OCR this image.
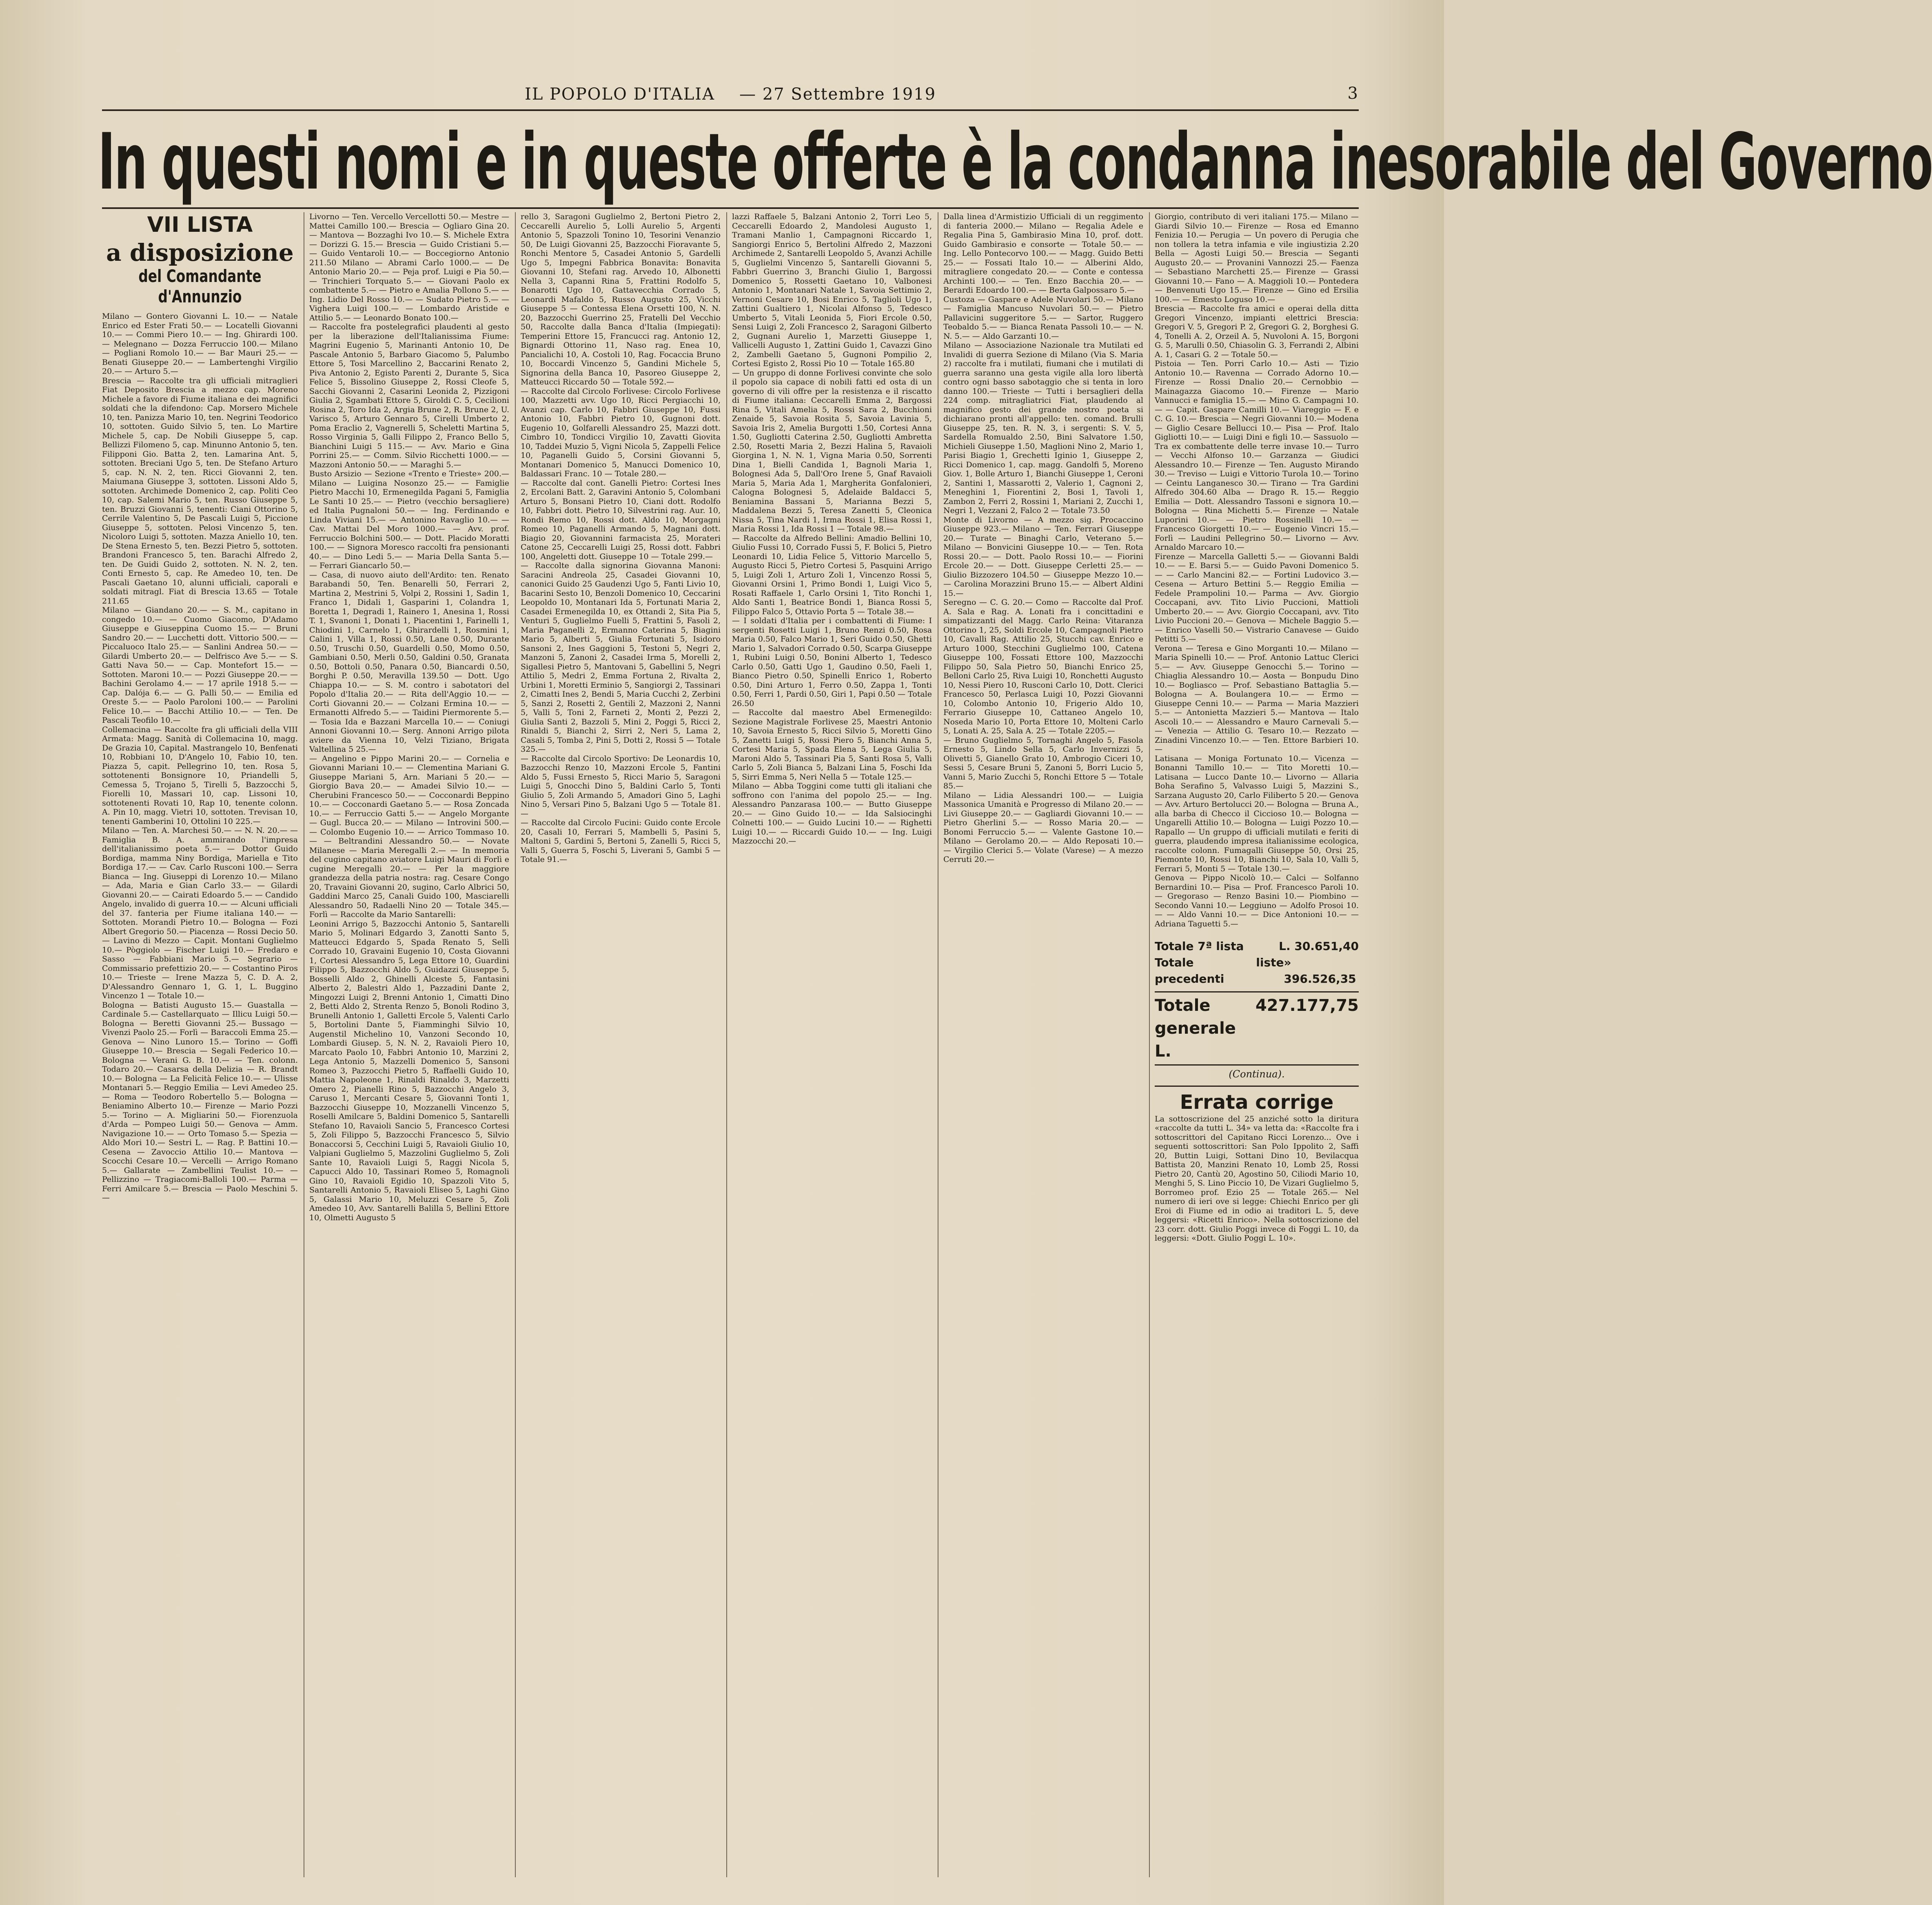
IL POPOLO D'ITALIA — 27 Settembre 1919	3
In questi nomi e in queste offerte è la condanna inesorabile del Governo
VII LISTA
a disposizione
del Comandante d'Annunzio

Milano — Gontero Giovanni L. 10.— — Natale Enrico ed Ester Frati 50.— — Locatelli Giovanni 10.— — Commi Piero 10.— — Ing. Ghirardi 100.— Melegnano — Dozza Ferruccio 100.— Milano — Pogliani Romolo 10.— — Bar Mauri 25.— — Benati Giuseppe 20.— — Lambertenghi Virgilio 20.— — Arturo 5.—

Brescia — Raccolte tra gli ufficiali mitraglieri Fiat Deposito Brescia a mezzo cap. Moreno Michele a favore di Fiume italiana e dei magnifici soldati che la difendono: Cap. Morsero Michele 10, ten. Panizza Mario 10, ten. Negrini Teodorico 10, sottoten. Guido Silvio 5, ten. Lo Martire Michele 5, cap. De Nobili Giuseppe 5, cap. Bellizzi Filomeno 5, cap. Minunno Antonio 5, ten. Filipponi Gio. Batta 2, ten. Lamarina Ant. 5, sottoten. Breciani Ugo 5, ten. De Stefano Arturo 5, cap. N. N. 2, ten. Ricci Giovanni 2, ten. Maiumana Giuseppe 3, sottoten. Lissoni Aldo 5, sottoten. Archimede Domenico 2, cap. Politi Ceo 10, cap. Salemi Mario 5, ten. Russo Giuseppe 5, ten. Bruzzi Giovanni 5, tenenti: Ciani Ottorino 5, Cerrile Valentino 5, De Pascali Luigi 5, Piccione Giuseppe 5, sottoten. Pelosi Vincenzo 5, ten. Nicoloro Luigi 5, sottoten. Mazza Aniello 10, ten. De Stena Ernesto 5, ten. Bezzi Pietro 5, sottoten. Brandoni Francesco 5, ten. Barachi Alfredo 2, ten. De Guidi Guido 2, sottoten. N. N. 2, ten. Conti Ernesto 5, cap. Re Amedeo 10, ten. De Pascali Gaetano 10, alunni ufficiali, caporali e soldati mitragl. Fiat di Brescia 13.65 — Totale 211.65

Milano — Giandano 20.— — S. M., capitano in congedo 10.— — Cuomo Giacomo, D'Adamo Giuseppe e Giuseppina Cuomo 15.— — Bruni Sandro 20.— — Lucchetti dott. Vittorio 500.— — Piccaluoco Italo 25.— — Sanlini Andrea 50.— — Gilardi Umberto 20.— — Delfrisco Ave 5.— — S. Gatti Nava 50.— — Cap. Montefort 15.— — Sottoten. Maroni 10.— — Pozzi Giuseppe 20.— — Bachini Gerolamo 4.— — 17 aprile 1918 5.— — Cap. Dalója 6.— — G. Palli 50.— — Emilia ed Oreste 5.— — Paolo Paroloni 100.— — Parolini Felice 10.— — Bacchi Attilio 10.— — Ten. De Pascali Teofilo 10.—

Collemacina — Raccolte fra gli ufficiali della VIII Armata: Magg. Sanità di Collemacina 10, magg. De Grazia 10, Capital. Mastrangelo 10, Benfenati 10, Robbiani 10, D'Angelo 10, Fabio 10, ten. Piazza 5, capit. Pellegrino 10, ten. Rosa 5, sottotenenti Bonsignore 10, Priandelli 5, Cemessa 5, Trojano 5, Tirelli 5, Bazzocchi 5, Fiorelli 10, Massari 10, cap. Lissoni 10, sottotenenti Rovati 10, Rap 10, tenente colonn. A. Pin 10, magg. Vietri 10, sottoten. Trevisan 10, tenenti Gamberini 10, Ottolini 10 225.—

Milano — Ten. A. Marchesi 50.— — N. N. 20.— — Famiglia B. A. ammirando l'impresa dell'italianissimo poeta 5.— — Dottor Guido Bordiga, mamma Niny Bordiga, Mariella e Tito Bordiga 17.— — Cav. Carlo Rusconi 100.— Serra Bianca — Ing. Giuseppi di Lorenzo 10.— Milano — Ada, Maria e Gian Carlo 33.— — Gilardi Giovanni 20.— — Cairati Edoardo 5.— — Candido Angelo, invalido di guerra 10.— — Alcuni ufficiali del 37. fanteria per Fiume italiana 140.— — Sottoten. Morandi Pietro 10.— Bologna — Fozi Albert Gregorio 50.— Piacenza — Rossi Decio 50.— Lavino di Mezzo — Capit. Montani Guglielmo 10.— Pòggiolo — Fischer Luigi 10.— Fredaro e Sasso — Fabbiani Mario 5.— Segrario — Commissario prefettizio 20.— — Costantino Piros 10.— Trieste — Irene Mazza 5, C. D. A. 2, D'Alessandro Gennaro 1, G. 1, L. Buggino Vincenzo 1 — Totale 10.—

Bologna — Batisti Augusto 15.— Guastalla — Cardinale 5.— Castellarquato — Illicu Luigi 50.— Bologna — Beretti Giovanni 25.— Bussago — Vivenzi Paolo 25.— Forlì — Baraccoli Emma 25.— Genova — Nino Lunoro 15.— Torino — Goffi Giuseppe 10.— Brescia — Segali Federico 10.— Bologna — Verani G. B. 10.— — Ten. colonn. Todaro 20.— Casarsa della Delizia — R. Brandt 10.— Bologna — La Felicità Felice 10.— — Ulisse Montanari 5.— Reggio Emilia — Levi Amedeo 25.— Roma — Teodoro Robertello 5.— Bologna — Beniamino Alberto 10.— Firenze — Mario Pozzi 5.— Torino — A. Migliarini 50.— Fiorenzuola d'Arda — Pompeo Luigi 50.— Genova — Amm. Navigazione 10.— — Orto Tomaso 5.— Spezia — Aldo Mori 10.— Sestri L. — Rag. P. Battini 10.— Cesena — Zavoccio Attilio 10.— Mantova — Scocchi Cesare 10.— Vercelli — Arrigo Romano 5.— Gallarate — Zambellini Teulist 10.— — Pellizzino — Tragiacomi-Balloli 100.— Parma — Ferri Amilcare 5.— Brescia — Paolo Meschini 5.—

Livorno — Ten. Vercello Vercellotti 50.— Mestre — Mattei Camillo 100.— Brescia — Ogliaro Gina 20.— Mantova — Bozzaghi Ivo 10.— S. Michele Extra — Dorizzi G. 15.— Brescia — Guido Cristiani 5.— — Guido Ventaroli 10.— — Boccegiorno Antonio 211.50 Milano — Abrami Carlo 1000.— — De Antonio Mario 20.— — Peja prof. Luigi e Pia 50.— — Trinchieri Torquato 5.— — Giovani Paolo ex combattente 5.— — Pietro e Amalia Pollono 5.— — Ing. Lidio Del Rosso 10.— — Sudato Pietro 5.— — Vighera Luigi 100.— — Lombardo Aristide e Attilio 5.— — Leonardo Bonato 100.—

— Raccolte fra postelegrafici plaudenti al gesto per la liberazione dell'Italianissima Fiume: Magrini Eugenio 5, Marinanti Antonio 10, De Pascale Antonio 5, Barbaro Giacomo 5, Palumbo Ettore 5, Tosi Marcellino 2, Baccarini Renato 2, Piva Antonio 2, Egisto Parenti 2, Durante 5, Sica Felice 5, Bissolino Giuseppe 2, Rossi Cleofe 5, Sacchi Giovanni 2, Casarini Leonida 2, Pizzigoni Giulia 2, Sgambati Ettore 5, Giroldi C. 5, Cecilioni Rosina 2, Toro Ida 2, Argia Brune 2, R. Brune 2, U. Varisco 5, Arturo Gennaro 5, Cirelli Umberto 2, Poma Eraclio 2, Vagnerelli 5, Scheletti Martina 5, Rosso Virginia 5, Galli Filippo 2, Franco Bello 5, Bianchini Luigi 5 115.— — Avv. Mario e Gina Porrini 25.— — Comm. Silvio Ricchetti 1000.— — Mazzoni Antonio 50.— — Maraghi 5.—

Busto Arsizio — Sezione «Trento e Trieste» 200.— Milano — Luigina Nosonzo 25.— — Famiglie Pietro Macchi 10, Ermenegilda Pagani 5, Famiglia Le Santi 10 25.— — Pietro (vecchio bersagliere) ed Italia Pugnaloni 50.— — Ing. Ferdinando e Linda Viviani 15.— — Antonino Ravaglio 10.— — Cav. Mattai Del Moro 1000.— — Avv. prof. Ferruccio Bolchini 500.— — Dott. Placido Moratti 100.— — Signora Moresco raccolti fra pensionanti 40.— — Dino Ledi 5.— — Maria Della Santa 5.— — Ferrari Giancarlo 50.—

— Casa, di nuovo aiuto dell'Ardito: ten. Renato Barabandi 50, Ten. Benarelli 50, Ferrari 2, Martina 2, Mestrini 5, Volpi 2, Rossini 1, Sadin 1, Franco 1, Didali 1, Gasparini 1, Colandra 1, Boretta 1, Degradi 1, Rainero 1, Anesina 1, Rossi T. 1, Svanoni 1, Donati 1, Piacentini 1, Farinelli 1, Chiodini 1, Carnelo 1, Ghirardelli 1, Rosmini 1, Calini 1, Villa 1, Rossi 0.50, Lane 0.50, Durante 0.50, Truschi 0.50, Guardelli 0.50, Momo 0.50, Gambiani 0.50, Merli 0.50, Galdini 0.50, Granata 0.50, Bottoli 0.50, Panara 0.50, Biancardi 0.50, Borghi P. 0.50, Meravilla 139.50 — Dott. Ugo Chiappa 10.— — S. M. contro i sabotatori del Popolo d'Italia 20.— — Rita dell'Aggio 10.— — Corti Giovanni 20.— — Colzani Ermina 10.— — Ermanotti Alfredo 5.— — Taidini Piermorente 5.— — Tosia Ida e Bazzani Marcella 10.— — Coniugi Annoni Giovanni 10.— Serg. Annoni Arrigo pilota aviere da Vienna 10, Velzi Tiziano, Brigata Valtellina 5 25.—

— Angelino e Pippo Marini 20.— — Cornelia e Giovanni Mariani 10.— — Clementina Mariani G. Giuseppe Mariani 5, Arn. Mariani 5 20.— — Giorgio Bava 20.— — Amadei Silvio 10.— — Cherubini Francesco 50.— — Cocconardi Beppino 10.— — Cocconardi Gaetano 5.— — Rosa Zoncada 10.— — Ferruccio Gatti 5.— — Angelo Morgante — Gugl. Bucca 20.— — Milano — Introvini 500.— — Colombo Eugenio 10.— — Arrico Tommaso 10.— — Beltrandini Alessandro 50.— — Novate Milanese — Maria Meregalli 2.— — In memoria del cugino capitano aviatore Luigi Mauri di Forlì e cugine Meregalli 20.— — Per la maggiore grandezza della patria nostra: rag. Cesare Congo 20, Travaini Giovanni 20, sugino, Carlo Albrici 50, Gaddini Marco 25, Canali Guido 100, Masciarelli Alessandro 50, Radaelli Nino 20 — Totale 345.— Forlì — Raccolte da Mario Santarelli:

Leonini Arrigo 5, Bazzocchi Antonio 5, Santarelli Mario 5, Molinari Edgardo 3, Zanotti Santo 5, Matteucci Edgardo 5, Spada Renato 5, Sellì Corrado 10, Gravaini Eugenio 10, Costa Giovanni 1, Cortesi Alessandro 5, Lega Ettore 10, Guardini Filippo 5, Bazzocchi Aldo 5, Guidazzi Giuseppe 5, Bosselli Aldo 2, Ghinelli Alceste 5, Fantasini Alberto 2, Balestri Aldo 1, Pazzadini Dante 2, Mingozzi Luigi 2, Brenni Antonio 1, Cimatti Dino 2, Betti Aldo 2, Strenta Renzo 5, Bonoli Rodino 3, Brunelli Antonio 1, Galletti Ercole 5, Valenti Carlo 5, Bortolini Dante 5, Fiamminghi Silvio 10, Augenstil Michelino 10, Vanzoni Secondo 10, Lombardi Giusep. 5, N. N. 2, Ravaioli Piero 10, Marcato Paolo 10, Fabbri Antonio 10, Marzini 2, Lega Antonio 5, Mazzelli Domenico 5, Sansoni Romeo 3, Pazzocchi Pietro 5, Raffaelli Guido 10, Mattia Napoleone 1, Rinaldi Rinaldo 3, Marzetti Omero 2, Pianelli Rino 5, Bazzocchi Angelo 3, Caruso 1, Mercanti Cesare 5, Giovanni Tonti 1, Bazzocchi Giuseppe 10, Mozzanelli Vincenzo 5, Roselli Amilcare 5, Baldini Domenico 5, Santarelli Stefano 10, Ravaioli Sancio 5, Francesco Cortesi 5, Zoli Filippo 5, Bazzocchi Francesco 5, Silvio Bonaccorsi 5, Cecchini Luigi 5, Ravaioli Giulio 10, Valpiani Guglielmo 5, Mazzolini Guglielmo 5, Zoli Sante 10, Ravaioli Luigi 5, Raggi Nicola 5, Capucci Aldo 10, Tassinari Romeo 5, Romagnoli Gino 10, Ravaioli Egidio 10, Spazzoli Vito 5, Santarelli Antonio 5, Ravaioli Eliseo 5, Laghi Gino 5, Galassi Mario 10, Meluzzi Cesare 5, Zoli Amedeo 10, Avv. Santarelli Balilla 5, Bellini Ettore 10, Olmetti Augusto 5

rello 3, Saragoni Guglielmo 2, Bertoni Pietro 2, Ceccarelli Aurelio 5, Lolli Aurelio 5, Argenti Antonio 5, Spazzoli Tonino 10, Tesorini Venanzio 50, De Luigi Giovanni 25, Bazzocchi Fioravante 5, Ronchi Mentore 5, Casadei Antonio 5, Gardelli Ugo 5, Impegni Fabbrica Bonavita: Bonavita Giovanni 10, Stefani rag. Arvedo 10, Albonetti Nella 3, Capanni Rina 5, Frattini Rodolfo 5, Bonarotti Ugo 10, Gattavecchia Corrado 5, Leonardi Mafaldo 5, Russo Augusto 25, Vicchi Giuseppe 5 — Contessa Elena Orsetti 100, N. N. 20, Bazzocchi Guerrino 25, Fratelli Del Vecchio 50, Raccolte dalla Banca d'Italia (Impiegati): Temperini Ettore 15, Francucci rag. Antonio 12, Bignardi Ottorino 11, Naso rag. Enea 10, Pancialichi 10, A. Costoli 10, Rag. Focaccia Bruno 10, Boccardi Vincenzo 5, Gandini Michele 5, Signorina della Banca 10, Pasoreo Giuseppe 2, Matteucci Riccardo 50 — Totale 592.—

— Raccolte dal Circolo Forlivese: Circolo Forlivese 100, Mazzetti avv. Ugo 10, Ricci Pergiacchi 10, Avanzi cap. Carlo 10, Fabbri Giuseppe 10, Fussi Antonio 10, Fabbri Pietro 10, Gugnoni dott. Eugenio 10, Golfarelli Alessandro 25, Mazzi dott. Cimbro 10, Tondicci Virgilio 10, Zavatti Giovita 10, Taddei Muzio 5, Vigni Nicola 5, Zappelli Felice 10, Paganelli Guido 5, Corsini Giovanni 5, Montanari Domenico 5, Manucci Domenico 10, Baldassari Franc. 10 — Totale 280.—

— Raccolte dal cont. Ganelli Pietro: Cortesi Ines 2, Ercolani Batt. 2, Garavini Antonio 5, Colombani Arturo 5, Bonsani Pietro 10, Ciani dott. Rodolfo 10, Fabbri dott. Pietro 10, Silvestrini rag. Aur. 10, Rondi Remo 10, Rossi dott. Aldo 10, Morgagni Romeo 10, Paganelli Armando 5, Magnani dott. Biagio 20, Giovannini farmacista 25, Morateri Catone 25, Ceccarelli Luigi 25, Rossi dott. Fabbri 100, Angeletti dott. Giuseppe 10 — Totale 299.—

— Raccolte dalla signorina Giovanna Manoni: Saracini Andreola 25, Casadei Giovanni 10, canonici Guido 25 Gaudenzi Ugo 5, Fanti Livio 10, Bacarini Sesto 10, Benzoli Domenico 10, Ceccarini Leopoldo 10, Montanari Ida 5, Fortunati Maria 2, Casadei Ermenegilda 10, ex Ottandi 2, Sita Pia 5, Venturi 5, Guglielmo Fuelli 5, Frattini 5, Fasoli 2, Maria Paganelli 2, Ermanno Caterina 5, Biagini Mario 5, Alberti 5, Giulia Fortunati 5, Isidoro Sansoni 2, Ines Gaggioni 5, Testoni 5, Negri 2, Manzoni 5, Zanoni 2, Casadei Irma 5, Morelli 2, Sigallesi Pietro 5, Mantovani 5, Gabellini 5, Negri Attilio 5, Medri 2, Emma Fortuna 2, Rivalta 2, Urbini 1, Moretti Erminio 5, Sangiorgi 2, Tassinari 2, Cimatti Ines 2, Bendi 5, Maria Cucchi 2, Zerbini 5, Sanzi 2, Rosetti 2, Gentili 2, Mazzoni 2, Nanni 5, Valli 5, Toni 2, Farneti 2, Monti 2, Pezzi 2, Giulia Santi 2, Bazzoli 5, Mini 2, Poggi 5, Ricci 2, Rinaldi 5, Bianchi 2, Sirri 2, Neri 5, Lama 2, Casali 5, Tomba 2, Pini 5, Dotti 2, Rossi 5 — Totale 325.—

— Raccolte dal Circolo Sportivo: De Leonardis 10, Bazzocchi Renzo 10, Mazzoni Ercole 5, Fantini Aldo 5, Fussi Ernesto 5, Ricci Mario 5, Saragoni Luigi 5, Gnocchi Dino 5, Baldini Carlo 5, Tonti Giulio 5, Zoli Armando 5, Amadori Gino 5, Laghi Nino 5, Versari Pino 5, Balzani Ugo 5 — Totale 81.—

— Raccolte dal Circolo Fucini: Guido conte Ercole 20, Casali 10, Ferrari 5, Mambelli 5, Pasini 5, Maltoni 5, Gardini 5, Bertoni 5, Zanelli 5, Ricci 5, Valli 5, Guerra 5, Foschi 5, Liverani 5, Gambi 5 — Totale 91.—

lazzi Raffaele 5, Balzani Antonio 2, Torri Leo 5, Ceccarelli Edoardo 2, Mandolesi Augusto 1, Tramani Manlio 1, Campagnoni Riccardo 1, Sangiorgi Enrico 5, Bertolini Alfredo 2, Mazzoni Archimede 2, Santarelli Leopoldo 5, Avanzi Achille 5, Guglielmi Vincenzo 5, Santarelli Giovanni 5, Fabbri Guerrino 3, Branchi Giulio 1, Bargossi Domenico 5, Rossetti Gaetano 10, Valbonesi Antonio 1, Montanari Natale 1, Savoia Settimio 2, Vernoni Cesare 10, Bosi Enrico 5, Taglioli Ugo 1, Zattini Gualtiero 1, Nicolai Alfonso 5, Tedesco Umberto 5, Vitali Leonida 5, Fiori Ercole 0.50, Sensi Luigi 2, Zoli Francesco 2, Saragoni Gilberto 2, Gugnani Aurelio 1, Marzetti Giuseppe 1, Vallicelli Augusto 1, Zattini Guido 1, Cavazzi Gino 2, Zambelli Gaetano 5, Gugnoni Pompilio 2, Cortesi Egisto 2, Rossi Pio 10 — Totale 165.80

— Un gruppo di donne Forlivesi convinte che solo il popolo sia capace di nobili fatti ed osta di un governo di vili offre per la resistenza e il riscatto di Fiume italiana: Ceccarelli Emma 2, Bargossi Rina 5, Vitali Amelia 5, Rossi Sara 2, Bucchioni Zenaide 5, Savoia Rosita 5, Savoia Lavinia 5, Savoia Iris 2, Amelia Burgotti 1.50, Cortesi Anna 1.50, Gugliotti Caterina 2.50, Gugliotti Ambretta 2.50, Rosetti Maria 2, Bezzi Halina 5, Ravaioli Giorgina 1, N. N. 1, Vigna Maria 0.50, Sorrenti Dina 1, Bielli Candida 1, Bagnoli Maria 1, Bolognesi Ada 5, Dall'Oro Irene 5, Gnaf Ravaioli Maria 5, Maria Ada 1, Margherita Gonfalonieri, Calogna Bolognesi 5, Adelaide Baldacci 5, Beniamina Bassani 5, Marianna Bezzi 5, Maddalena Bezzi 5, Teresa Zanetti 5, Cleonica Nissa 5, Tina Nardi 1, Irma Rossi 1, Elisa Rossi 1, Maria Rossi 1, Ida Rossi 1 — Totale 98.—

— Raccolte da Alfredo Bellini: Amadio Bellini 10, Giulio Fussi 10, Corrado Fussi 5, F. Bolici 5, Pietro Leonardi 10, Lidia Felice 5, Vittorio Marcello 5, Augusto Ricci 5, Pietro Cortesi 5, Pasquini Arrigo 5, Luigi Zoli 1, Arturo Zoli 1, Vincenzo Rossi 5, Giovanni Orsini 1, Primo Bondi 1, Luigi Vico 5, Rosati Raffaele 1, Carlo Orsini 1, Tito Ronchi 1, Aldo Santi 1, Beatrice Bondi 1, Bianca Rossi 5, Filippo Falco 5, Ottavio Porta 5 — Totale 38.—

— I soldati d'Italia per i combattenti di Fiume: I sergenti Rosetti Luigi 1, Bruno Renzi 0.50, Rosa Maria 0.50, Falco Mario 1, Seri Guido 0.50, Ghetti Mario 1, Salvadori Corrado 0.50, Scarpa Giuseppe 1, Rubini Luigi 0.50, Bonini Alberto 1, Tedesco Carlo 0.50, Gatti Ugo 1, Gaudino 0.50, Faeli 1, Bianco Pietro 0.50, Spinelli Enrico 1, Roberto 0.50, Dini Arturo 1, Ferro 0.50, Zappa 1, Tonti 0.50, Ferri 1, Pardi 0.50, Giri 1, Papi 0.50 — Totale 26.50

— Raccolte dal maestro Abel Ermenegildo: Sezione Magistrale Forlivese 25, Maestri Antonio 10, Savoia Ernesto 5, Ricci Silvio 5, Moretti Gino 5, Zanetti Luigi 5, Rossi Piero 5, Bianchi Anna 5, Cortesi Maria 5, Spada Elena 5, Lega Giulia 5, Maroni Aldo 5, Tassinari Pia 5, Santi Rosa 5, Valli Carlo 5, Zoli Bianca 5, Balzani Lina 5, Foschi Ida 5, Sirri Emma 5, Neri Nella 5 — Totale 125.—

Milano — Abba Toggini come tutti gli italiani che soffrono con l'anima del popolo 25.— — Ing. Alessandro Panzarasa 100.— — Butto Giuseppe 20.— — Gino Guido 10.— — Ida Salsiocinghi Colnetti 100.— — Guido Lucini 10.— — Righetti Luigi 10.— — Riccardi Guido 10.— — Ing. Luigi Mazzocchi 20.—

Dalla linea d'Armistizio Ufficiali di un reggimento di fanteria 2000.— Milano — Regalia Adele e Regalia Pina 5, Gambirasio Mina 10, prof. dott. Guido Gambirasio e consorte — Totale 50.— — Ing. Lello Pontecorvo 100.— — Magg. Guido Betti 25.— — Fossati Italo 10.— — Alberini Aldo, mitragliere congedato 20.— — Conte e contessa Archinti 100.— — Ten. Enzo Bacchia 20.— — Berardi Edoardo 100.— — Berta Galpossaro 5.—

Custoza — Gaspare e Adele Nuvolari 50.— Milano — Famiglia Mancuso Nuvolari 50.— — Pietro Pallavicini suggeritore 5.— — Sartor, Ruggero Teobaldo 5.— — Bianca Renata Passoli 10.— — N. N. 5.— — Aldo Garzanti 10.—

Milano — Associazione Nazionale tra Mutilati ed Invalidi di guerra Sezione di Milano (Via S. Maria 2) raccolte fra i mutilati, fiumani che i mutilati di guerra saranno una gesta vigile alla loro libertà contro ogni basso sabotaggio che si tenta in loro danno 100.— Trieste — Tutti i bersaglieri della 224 comp. mitragliatrici Fiat, plaudendo al magnifico gesto dei grande nostro poeta si dichiarano pronti all'appello: ten. comand. Brulli Giuseppe 25, ten. R. N. 3, i sergenti: S. V. 5, Sardella Romualdo 2.50, Bini Salvatore 1.50, Michieli Giuseppe 1.50, Maglioni Nino 2, Mario 1, Parisi Biagio 1, Grechetti Iginio 1, Giuseppe 2, Ricci Domenico 1, cap. magg. Gandolfi 5, Moreno Giov. 1, Bolle Arturo 1, Bianchi Giuseppe 1, Ceroni 2, Santini 1, Massarotti 2, Valerio 1, Cagnoni 2, Meneghini 1, Fiorentini 2, Bosi 1, Tavoli 1, Zambon 2, Ferri 2, Rossini 1, Mariani 2, Zucchi 1, Negri 1, Vezzani 2, Falco 2 — Totale 73.50

Monte di Livorno — A mezzo sig. Procaccino Giuseppe 923.— Milano — Ten. Ferrari Giuseppe 20.— Turate — Binaghi Carlo, Veterano 5.— Milano — Bonvicini Giuseppe 10.— — Ten. Rota Rossi 20.— — Dott. Paolo Rossi 10.— — Fiorini Ercole 20.— — Dott. Giuseppe Cerletti 25.— — Giulio Bizzozero 104.50 — Giuseppe Mezzo 10.— — Carolina Morazzini Bruno 15.— — Albert Aldini 15.—

Seregno — C. G. 20.— Como — Raccolte dal Prof. A. Sala e Rag. A. Lonati fra i concittadini e simpatizzanti del Magg. Carlo Reina: Vitaranza Ottorino 1, 25, Soldi Ercole 10, Campagnoli Pietro 10, Cavalli Rag. Attilio 25, Stucchi cav. Enrico e Arturo 1000, Stecchini Guglielmo 100, Catena Giuseppe 100, Fossati Ettore 100, Mazzocchi Filippo 50, Sala Pietro 50, Bianchi Enrico 25, Belloni Carlo 25, Riva Luigi 10, Ronchetti Augusto 10, Nessi Piero 10, Rusconi Carlo 10, Dott. Clerici Francesco 50, Perlasca Luigi 10, Pozzi Giovanni 10, Colombo Antonio 10, Frigerio Aldo 10, Ferrario Giuseppe 10, Cattaneo Angelo 10, Noseda Mario 10, Porta Ettore 10, Molteni Carlo 5, Lonati A. 25, Sala A. 25 — Totale 2205.—

— Bruno Guglielmo 5, Tornaghi Angelo 5, Fasola Ernesto 5, Lindo Sella 5, Carlo Invernizzi 5, Olivetti 5, Gianello Grato 10, Ambrogio Ciceri 10, Sessi 5, Cesare Bruni 5, Zanoni 5, Borri Lucio 5, Vanni 5, Mario Zucchi 5, Ronchi Ettore 5 — Totale 85.—

Milano — Lidia Alessandri 100.— — Luigia Massonica Umanità e Progresso di Milano 20.— — Livi Giuseppe 20.— — Gagliardi Giovanni 10.— — Pietro Gherlini 5.— — Rosso Maria 20.— — Bonomi Ferruccio 5.— — Valente Gastone 10.— Milano — Gerolamo 20.— — Aldo Reposati 10.— — Virgilio Clerici 5.— Volate (Varese) — A mezzo Cerruti 20.—

Giorgio, contributo di veri italiani 175.— Milano — Giardi Silvio 10.— Firenze — Rosa ed Emanno Fenizia 10.— Perugia — Un povero di Perugia che non tollera la tetra infamia e vile ingiustizia 2.20 Bella — Agosti Luigi 50.— Brescia — Seganti Augusto 20.— — Provanini Vannozzi 25.— Faenza — Sebastiano Marchetti 25.— Firenze — Grassi Giovanni 10.— Fano — A. Maggioli 10.— Pontedera — Benvenuti Ugo 15.— Firenze — Gino ed Ersilia 100.— — Emesto Loguso 10.—

Brescia — Raccolte fra amici e operai della ditta Gregori Vincenzo, impianti elettrici Brescia: Gregori V. 5, Gregori P. 2, Gregori G. 2, Borghesi G. 4, Tonelli A. 2, Orzeil A. 5, Nuvoloni A. 15, Borgoni G. 5, Marulli 0.50, Chiasolin G. 3, Ferrandi 2, Albini A. 1, Casari G. 2 — Totale 50.—

Pistoia — Ten. Porri Carlo 10.— Asti — Tizio Antonio 10.— Ravenna — Corrado Adorno 10.— Firenze — Rossi Dnalio 20.— Cernobbio — Mainagazza Giacomo 10.— Firenze — Mario Vannucci e famiglia 15.— — Mino G. Campagni 10.— — Capit. Gaspare Camilli 10.— Viareggio — F. e C. G. 10.— Brescia — Negri Giovanni 10.— Modena — Giglio Cesare Bellucci 10.— Pisa — Prof. Italo Gigliotti 10.— — Luigi Dini e figli 10.— Sassuolo — Tra ex combattente delle terre invase 10.— Turro — Vecchi Alfonso 10.— Garzanza — Giudici Alessandro 10.— Firenze — Ten. Augusto Mirando 30.— Treviso — Luigi e Vittorio Turola 10.— Torino — Ceintu Langanesco 30.— Tirano — Tra Gardini Alfredo 304.60 Alba — Drago R. 15.— Reggio Emilia — Dott. Alessandro Tassoni e signora 10.— Bologna — Rina Michetti 5.— Firenze — Natale Luporini 10.— — Pietro Rossinelli 10.— — Francesco Giorgetti 10.— — Eugenio Vincri 15.— Forlì — Laudini Pellegrino 50.— Livorno — Avv. Arnaldo Marcaro 10.—

Firenze — Marcella Galletti 5.— — Giovanni Baldi 10.— — E. Barsi 5.— — Guido Pavoni Domenico 5.— — Carlo Mancini 82.— — Fortini Ludovico 3.— Cesena — Arturo Bettini 5.— Reggio Emilia — Fedele Prampolini 10.— Parma — Avv. Giorgio Coccapani, avv. Tito Livio Puccioni, Mattioli Umberto 20.— — Avv. Giorgio Coccapani, avv. Tito Livio Puccioni 20.— Genova — Michele Baggio 5.— — Enrico Vaselli 50.— Vistrario Canavese — Guido Petitti 5.—

Verona — Teresa e Gino Morganti 10.— Milano — Maria Spinelli 10.— — Prof. Antonio Lattuc Clerici 5.— — Avv. Giuseppe Genocchi 5.— Torino — Chiaglia Alessandro 10.— Aosta — Bonpudu Dino 10.— Bogliasco — Prof. Sebastiano Battaglia 5.— Bologna — A. Boulangera 10.— — Ermo — Giuseppe Cenni 10.— — Parma — Maria Mazzieri 5.— — Antonietta Mazzieri 5.— Mantova — Italo Ascoli 10.— — Alessandro e Mauro Carnevali 5.— — Venezia — Attilio G. Tesaro 10.— Rezzato — Zinadini Vincenzo 10.— — Ten. Ettore Barbieri 10.—

Latisana — Moniga Fortunato 10.— Vicenza — Bonanni Tamillo 10.— — Tito Moretti 10.— Latisana — Lucco Dante 10.— Livorno — Allaria Boha Serafino 5, Valvasso Luigi 5, Mazzini S., Sarzana Augusto 20, Carlo Filiberto 5 20.— Genova — Avv. Arturo Bertolucci 20.— Bologna — Bruna A., alla barba di Checco il Ciccioso 10.— Bologna — Ungarelli Attilio 10.— Bologna — Luigi Pozzo 10.— Rapallo — Un gruppo di ufficiali mutilati e feriti di guerra, plaudendo impresa italianissime ecologica, raccolte colonn. Fumagalli Giuseppe 50, Orsi 25, Piemonte 10, Rossi 10, Bianchi 10, Sala 10, Valli 5, Ferrari 5, Monti 5 — Totale 130.—

Genova — Pippo Nicolò 10.— Calci — Solfanno Bernardini 10.— Pisa — Prof. Francesco Paroli 10.— Gregoraso — Renzo Basini 10.— Piombino — Secondo Vanni 10.— Leggiuno — Adolfo Prosoi 10.— — Aldo Vanni 10.— — Dice Antonioni 10.— — Adriana Taguetti 5.—

Totale 7ª lista	L. 30.651,40
Totale liste precedenti
» 396.526,35
Totale generale L.
427.177,75
(Continua).
Errata corrige

La sottoscrizione del 25 anziché sotto la diritura «raccolte da tutti L. 34» va letta da: «Raccolte fra i sottoscrittori del Capitano Ricci Lorenzo... Ove i seguenti sottoscrittori: San Polo Ippolito 2, Saffi 20, Buttin Luigi, Sottani Dino 10, Bevilacqua Battista 20, Manzini Renato 10, Lomb 25, Rossi Pietro 20, Cantù 20, Agostino 50, Ciliodi Mario 10, Menghi 5, S. Lino Piccio 10, De Vizari Guglielmo 5, Borromeo prof. Ezio 25 — Totale 265.— Nel numero di ieri ove si legge: Chiechi Enrico per gli Eroi di Fiume ed in odio ai traditori L. 5, deve leggersi: «Ricetti Enrico». Nella sottoscrizione del 23 corr. dott. Giulio Poggi invece di Foggi L. 10, da leggersi: «Dott. Giulio Poggi L. 10».
